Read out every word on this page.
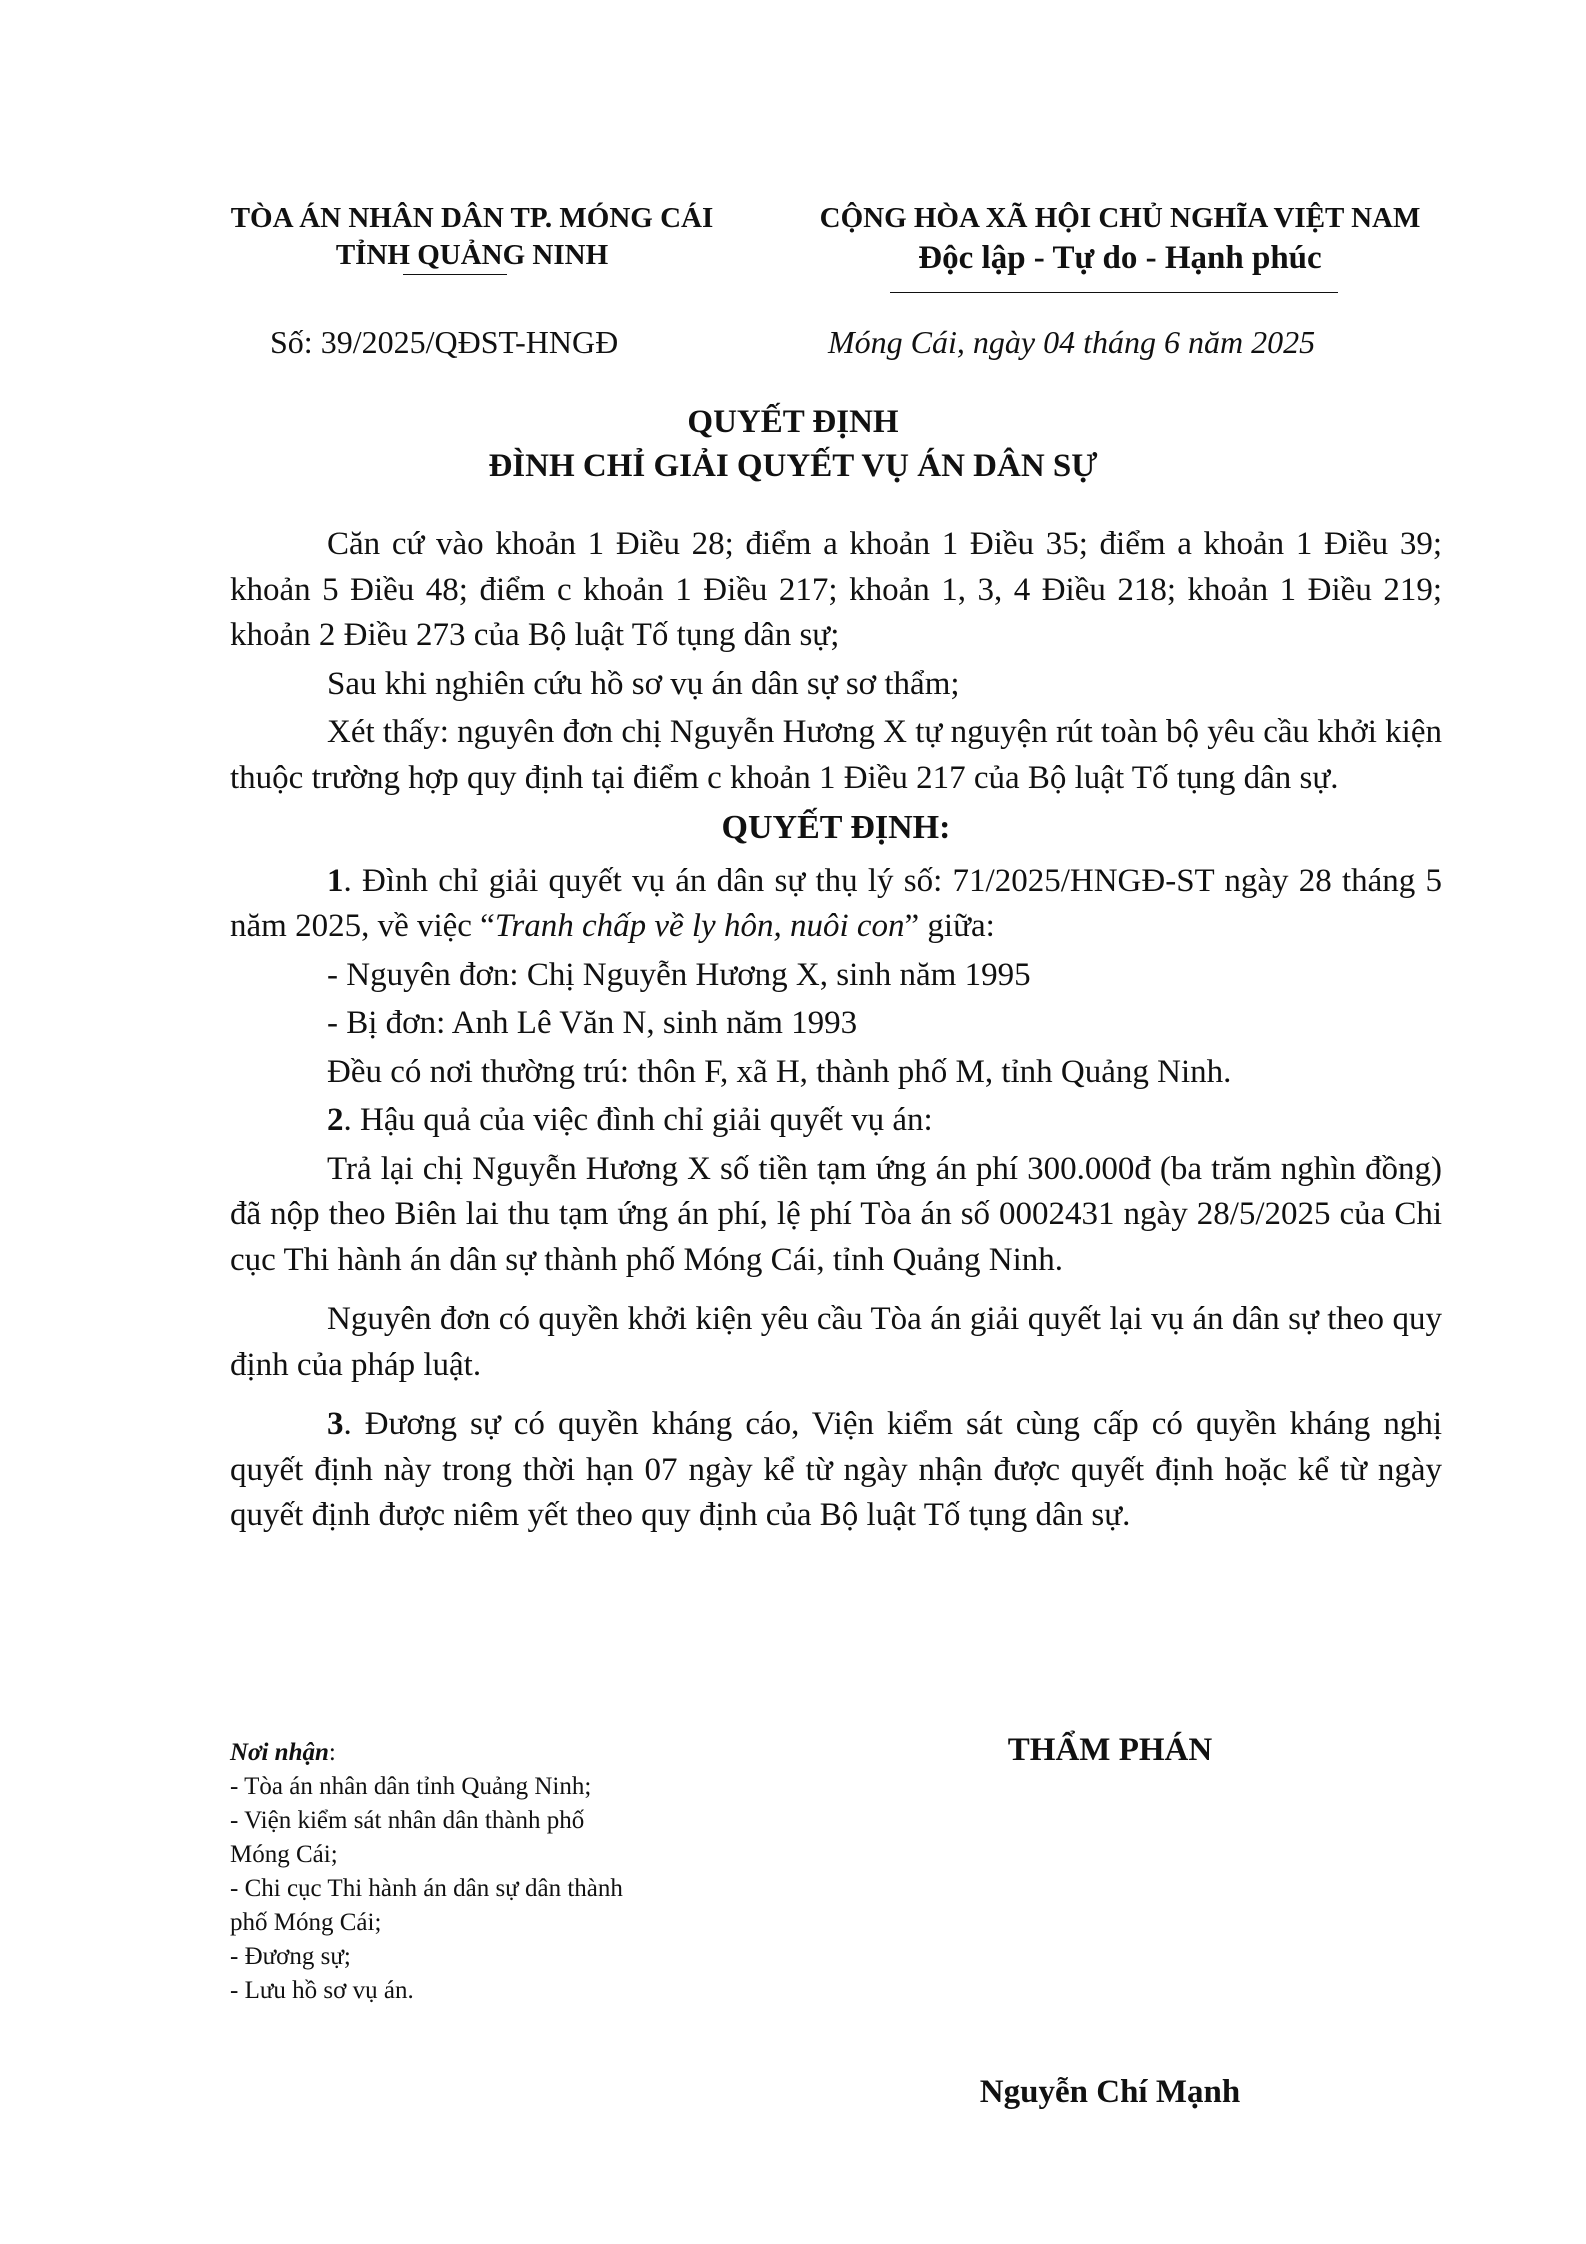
TÒA ÁN NHÂN DÂN TP. MÓNG CÁI
TỈNH QUẢNG NINH
CỘNG HÒA XÃ HỘI CHỦ NGHĨA VIỆT NAM
Độc lập - Tự do - Hạnh phúc
Số: 39/2025/QĐST-HNGĐ	Móng Cái, ngày 04 tháng 6 năm 2025
QUYẾT ĐỊNH
ĐÌNH CHỈ GIẢI QUYẾT VỤ ÁN DÂN SỰ

Căn cứ vào khoản 1 Điều 28; điểm a khoản 1 Điều 35; điểm a khoản 1 Điều 39; khoản 5 Điều 48; điểm c khoản 1 Điều 217; khoản 1, 3, 4 Điều 218; khoản 1 Điều 219; khoản 2 Điều 273 của Bộ luật Tố tụng dân sự;

Sau khi nghiên cứu hồ sơ vụ án dân sự sơ thẩm;

Xét thấy: nguyên đơn chị Nguyễn Hương X tự nguyện rút toàn bộ yêu cầu khởi kiện thuộc trường hợp quy định tại điểm c khoản 1 Điều 217 của Bộ luật Tố tụng dân sự.

QUYẾT ĐỊNH:

1. Đình chỉ giải quyết vụ án dân sự thụ lý số: 71/2025/HNGĐ-ST ngày 28 tháng 5 năm 2025, về việc “Tranh chấp về ly hôn, nuôi con” giữa:

- Nguyên đơn: Chị Nguyễn Hương X, sinh năm 1995

- Bị đơn: Anh Lê Văn N, sinh năm 1993

Đều có nơi thường trú: thôn F, xã H, thành phố M, tỉnh Quảng Ninh.

2. Hậu quả của việc đình chỉ giải quyết vụ án:

Trả lại chị Nguyễn Hương X số tiền tạm ứng án phí 300.000đ (ba trăm nghìn đồng) đã nộp theo Biên lai thu tạm ứng án phí, lệ phí Tòa án số 0002431 ngày 28/5/2025 của Chi cục Thi hành án dân sự thành phố Móng Cái, tỉnh Quảng Ninh.

Nguyên đơn có quyền khởi kiện yêu cầu Tòa án giải quyết lại vụ án dân sự theo quy định của pháp luật.

3. Đương sự có quyền kháng cáo, Viện kiểm sát cùng cấp có quyền kháng nghị quyết định này trong thời hạn 07 ngày kể từ ngày nhận được quyết định hoặc kể từ ngày quyết định được niêm yết theo quy định của Bộ luật Tố tụng dân sự.

Nơi nhận:
- Tòa án nhân dân tỉnh Quảng Ninh;
- Viện kiểm sát nhân dân thành phố
Móng Cái;
- Chi cục Thi hành án dân sự dân thành
phố Móng Cái;
- Đương sự;
- Lưu hồ sơ vụ án.
THẨM PHÁN
Nguyễn Chí Mạnh
